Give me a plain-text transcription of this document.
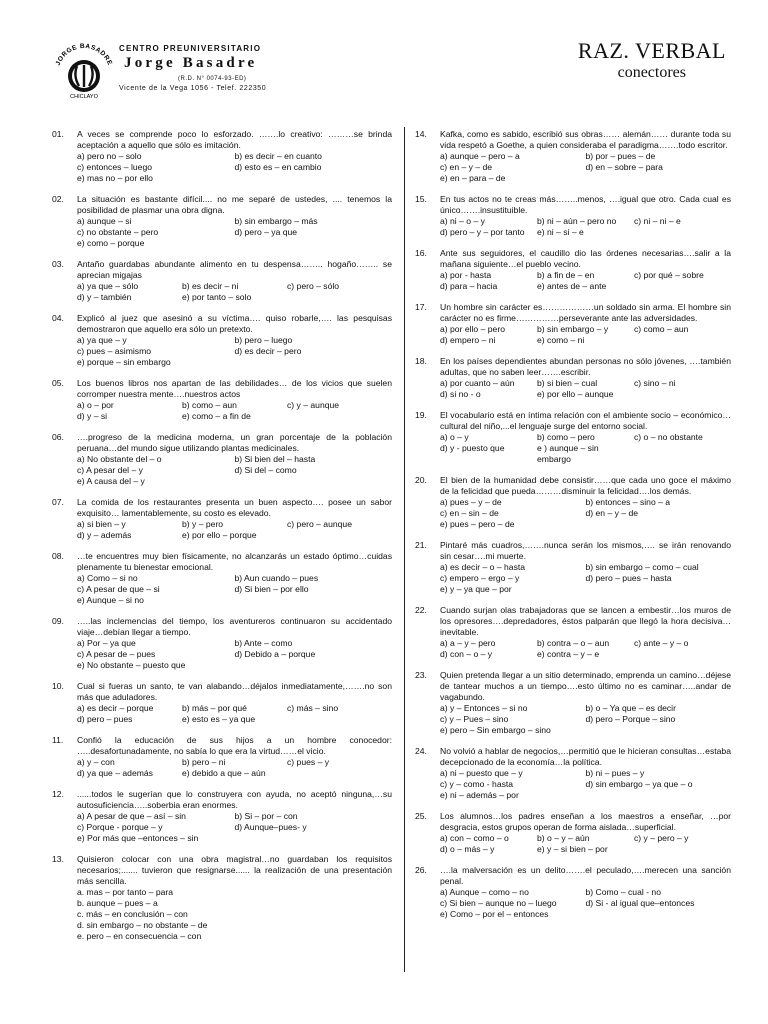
JORGE BASADRE
CHICLAYO
CENTRO PREUNIVERSITARIO
Jorge Basadre
(R.D. N° 0074-93-ED)
Vicente de la Vega 1056 - Telef. 222350
RAZ. VERBAL
conectores
01.	A veces se comprende poco lo esforzado. …….lo creativo: ………se brinda aceptación a aquello que sólo es imitación.
a) pero no – solo	b) es decir – en cuanto
c) entonces – luego	d) esto es – en cambio
e) mas no – por ello
02.	La situación es bastante difícil.... no me separé de ustedes, .... tenemos la posibilidad de plasmar una obra digna.
a) aunque – si	b) sin embargo – más
c) no obstante – pero	d) pero – ya que
e) como – porque
03.	Antaño guardabas abundante alimento en tu despensa…….. hogaño…….. se aprecian migajas
a) ya que – sólo	b) es decir – ni	c) pero – sólo
d) y – también	e) por tanto – solo
04.	Explicó al juez que asesinó a su víctima…. quiso robarle,…. las pesquisas demostraron que aquello era sólo un pretexto.
a) ya que – y	b) pero – luego
c) pues – asimismo	d) es decir – pero
e) porque – sin embargo
05.	Los buenos libros nos apartan de las debilidades… de los vicios que suelen corromper nuestra mente….nuestros actos
a) o – por	b) como – aun	c) y – aunque
d) y – si	e) como – a fin de
06.	….progreso de la medicina moderna, un gran porcentaje de la población peruana…del mundo sigue utilizando plantas medicinales.
a) No obstante del – o	b) Si bien del – hasta
c) A pesar del – y	d) Si del – como
e) A causa del – y
07.	La comida de los restaurantes presenta un buen aspecto…. posee un sabor exquisito… lamentablemente, su costo es elevado.
a) si bien – y	b) y – pero	c) pero – aunque
d) y – además	e) por ello – porque
08.	…te encuentres muy bien físicamente, no alcanzarás un estado óptimo…cuidas plenamente tu bienestar emocional.
a) Como – si no	b) Aun cuando – pues
c) A pesar de que – si	d) Si bien – por ello
e) Aunque – si no
09.	…..las inclemencias del tiempo, los aventureros continuaron su accidentado viaje…debían llegar a tiempo.
a) Por – ya que	b) Ante – como
c) A pesar de – pues	d) Debido a – porque
e) No obstante – puesto que
10.	Cual si fueras un santo, te van alabando…déjalos inmediatamente,…….no son más que aduladores.
a) es decir – porque	b) más – por qué	c) más – sino
d) pero – pues	e) esto es – ya que
11.	Confió la educación de sus hijos a un hombre conocedor: …..desafortunadamente, no sabía lo que era la virtud……el vicio.
a) y – con	b) pero – ni	c) pues – y
d) ya que – además	e) debido a que – aún
12.	......todos le sugerían que lo construyera con ayuda, no aceptó ninguna,…su autosuficiencia…..soberbia eran enormes.
a) A pesar de que – así – sin	b) Si – por – con
c) Porque - porque – y	d) Aunque–pues- y
e) Por más que –entonces – sin
13.	Quisieron colocar con una obra magistral…no guardaban los requisitos necesarios;....... tuvieron que resignarse...... la realización de una presentación más sencilla.
a. mas – por tanto – para
b. aunque – pues – a
c. más – en conclusión – con
d. sin embargo – no obstante – de
e. pero – en consecuencia – con
14.	Kafka, como es sabido, escribió sus obras…… alemán…… durante toda su vida respetó a Goethe, a quien consideraba el paradigma…….todo escritor.
a) aunque – pero – a	b) por – pues – de
c) en – y – de	d) en – sobre – para
e) en – para – de
15.	En tus actos no te creas más……..menos, ….igual que otro. Cada cual es único…….insustituible.
a) ni – o – y	b) ni – aún – pero no	c) ni – ni – e
d) pero – y – por tanto	e) ni – si – e
16.	Ante sus seguidores, el caudillo dio las órdenes necesarias….salir a la mañana siguiente…el pueblo vecino.
a) por - hasta	b) a fin de – en	c) por qué – sobre
d) para – hacia	e) antes de – ante
17.	Un hombre sin carácter es………………un soldado sin arma. El hombre sin carácter no es firme……………perseverante ante las adversidades.
a) por ello – pero	b) sin embargo – y	c) como – aun
d) empero – ni	e) como – ni
18.	En los países dependientes abundan personas no sólo jóvenes, ….también adultas, que no saben leer…….escribir.
a) por cuanto – aún	b) si bien – cual	c) sino – ni
d) si no - o	e) por ello – aunque
19.	El vocabulario está en íntima relación con el ambiente socio – económico…cultural del niño,...el lenguaje surge del entorno social.
a) o – y	b) como – pero	c) o – no obstante
d) y - puesto que	e ) aunque – sin embargo
20.	El bien de la humanidad debe consistir……que cada uno goce el máximo de la felicidad que pueda………disminuir la felicidad….los demás.
a) pues – y – de	b) entonces – sino – a
c) en – sin – de	d) en – y – de
e) pues – pero – de
21.	Pintaré más cuadros,…….nunca serán los mismos,…. se irán renovando sin cesar….mi muerte.
a) es decir – o – hasta	b) sin embargo – como – cual
c) empero – ergo – y	d) pero – pues – hasta
e) y – ya que – por
22.	Cuando surjan olas trabajadoras que se lancen a embestir…los muros de los opresores….depredadores, éstos palparán que llegó la hora decisiva…inevitable.
a) a – y – pero	b) contra – o – aun	c) ante – y – o
d) con – o – y	e) contra – y – e
23.	Quien pretenda llegar a un sitio determinado, emprenda un camino…déjese de tantear muchos a un tiempo….esto último no es caminar…..andar de vagabundo.
a) y – Entonces – si no	b) o – Ya que – es decir
c) y – Pues – sino	d) pero – Porque – sino
e) pero – Sin embargo – sino
24.	No volvió a hablar de negocios,…permitió que le hicieran consultas…estaba decepcionado de la economía…la política.
a) ni – puesto que – y	b) ni – pues – y
c) y – como - hasta	d) sin embargo – ya que – o
e) ni – además – por
25.	Los alumnos…los padres enseñan a los maestros a enseñar, …por desgracia, estos grupos operan de forma aislada…superficial.
a) con – como – o	b) o – y – aún	c) y – pero – y
d) o – más – y	e) y – si bien – por
26.	….la malversación es un delito…….el peculado,….merecen una sanción penal.
a) Aunque – como – no	b) Como – cual - no
c) Si bien – aunque no – luego	d) Si - al igual que–entonces
e) Como – por el – entonces
